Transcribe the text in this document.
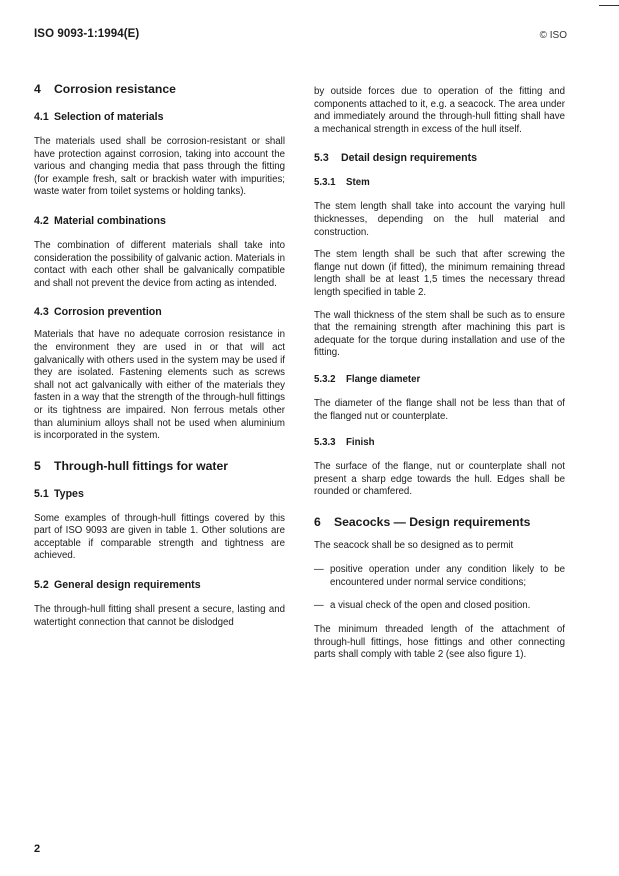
ISO 9093-1:1994(E)	© ISO
4 Corrosion resistance
4.1 Selection of materials

The materials used shall be corrosion-resistant or shall have protection against corrosion, taking into account the various and changing media that pass through the fitting (for example fresh, salt or brackish water with impurities; waste water from toilet systems or holding tanks).

4.2 Material combinations

The combination of different materials shall take into consideration the possibility of galvanic action. Materials in contact with each other shall be galvanically compatible and shall not prevent the device from acting as intended.

4.3 Corrosion prevention

Materials that have no adequate corrosion resistance in the environment they are used in or that will act galvanically with others used in the system may be used if they are isolated. Fastening elements such as screws shall not act galvanically with either of the materials they fasten in a way that the strength of the through-hull fittings or its tightness are impaired. Non ferrous metals other than aluminium alloys shall not be used when aluminium is incorporated in the system.

5 Through-hull fittings for water
5.1 Types

Some examples of through-hull fittings covered by this part of ISO 9093 are given in table 1. Other solutions are acceptable if comparable strength and tightness are achieved.

5.2 General design requirements

The through-hull fitting shall present a secure, lasting and watertight connection that cannot be dislodged

by outside forces due to operation of the fitting and components attached to it, e.g. a seacock. The area under and immediately around the through-hull fitting shall have a mechanical strength in excess of the hull itself.

5.3 Detail design requirements
5.3.1 Stem

The stem length shall take into account the varying hull thicknesses, depending on the hull material and construction.

The stem length shall be such that after screwing the flange nut down (if fitted), the minimum remaining thread length shall be at least 1,5 times the necessary thread length specified in table 2.

The wall thickness of the stem shall be such as to ensure that the remaining strength after machining this part is adequate for the torque during installation and use of the fitting.

5.3.2 Flange diameter

The diameter of the flange shall not be less than that of the flanged nut or counterplate.

5.3.3 Finish

The surface of the flange, nut or counterplate shall not present a sharp edge towards the hull. Edges shall be rounded or chamfered.

6 Seacocks — Design requirements

The seacock shall be so designed as to permit

— positive operation under any condition likely to be encountered under normal service conditions;
— a visual check of the open and closed position.

The minimum threaded length of the attachment of through-hull fittings, hose fittings and other connecting parts shall comply with table 2 (see also figure 1).

2
